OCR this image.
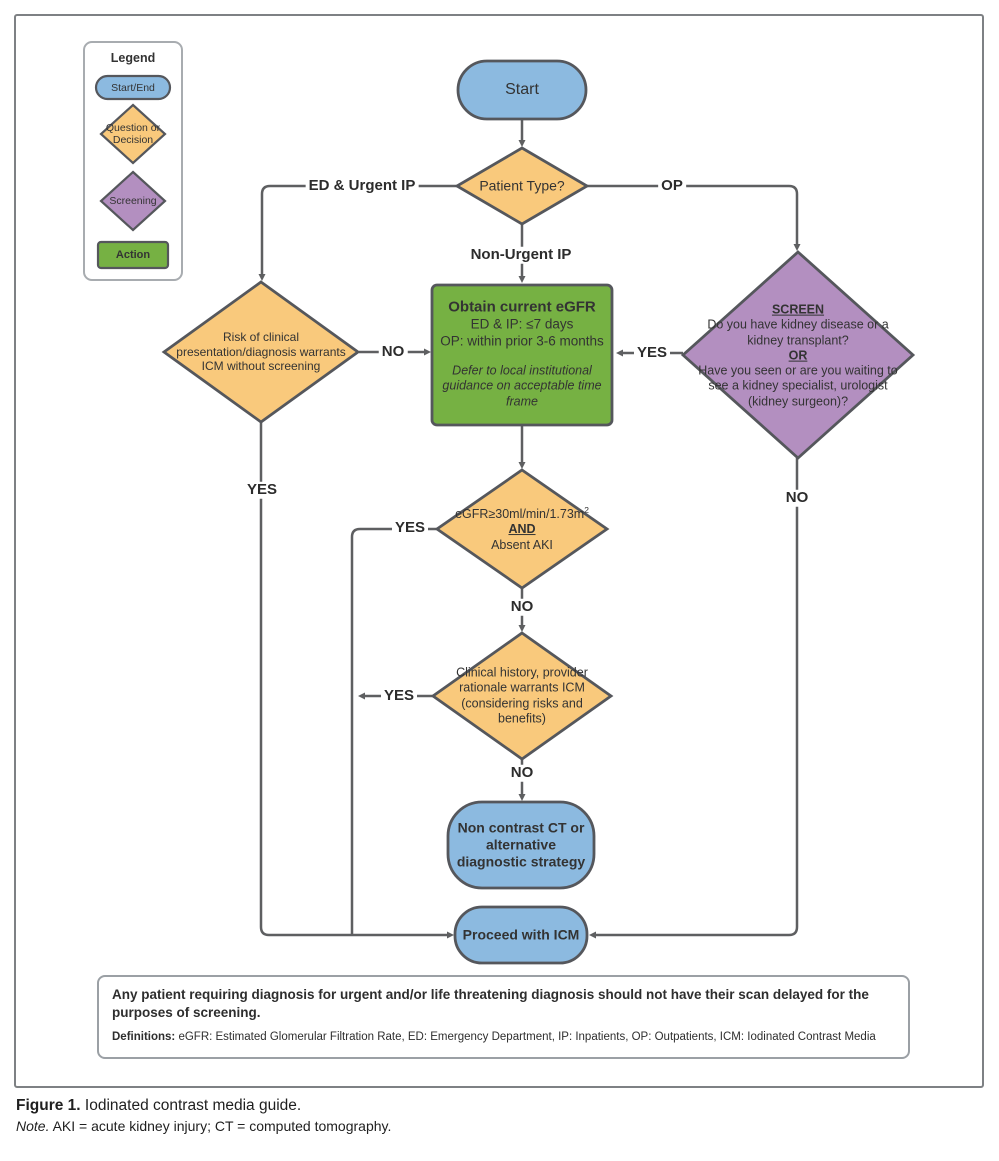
Legend
Start/End
Question or Decision
Screening
Action
Start
Patient Type?
Risk of clinical presentation/diagnosis warrants ICM without screening
Obtain current eGFR
ED & IP: ≤7 days
OP: within prior 3-6 months
Defer to local institutional guidance on acceptable time frame
SCREEN
Do you have kidney disease or a kidney transplant?
OR
Have you seen or are you waiting to see a kidney specialist, urologist (kidney surgeon)?
$eGFR\ge 30ml/\min/1.73m^2$
AND
Absent AKI
Clinical history, provider rationale warrants ICM (considering risks and benefits)
Non contrast CT or alternative diagnostic strategy
Proceed with ICM
ED & Urgent IP	OP
Non-Urgent IP
NO	YES
YES
YES
NO
YES
NO
NO
Any patient requiring diagnosis for urgent and/or life threatening diagnosis should not have their scan delayed for the purposes of screening.
Definitions: eGFR: Estimated Glomerular Filtration Rate, ED: Emergency Department, IP: Inpatients, OP: Outpatients, ICM: Iodinated Contrast Media
Figure 1. Iodinated contrast media guide.
Note. AKI = acute kidney injury; CT = computed tomography.
